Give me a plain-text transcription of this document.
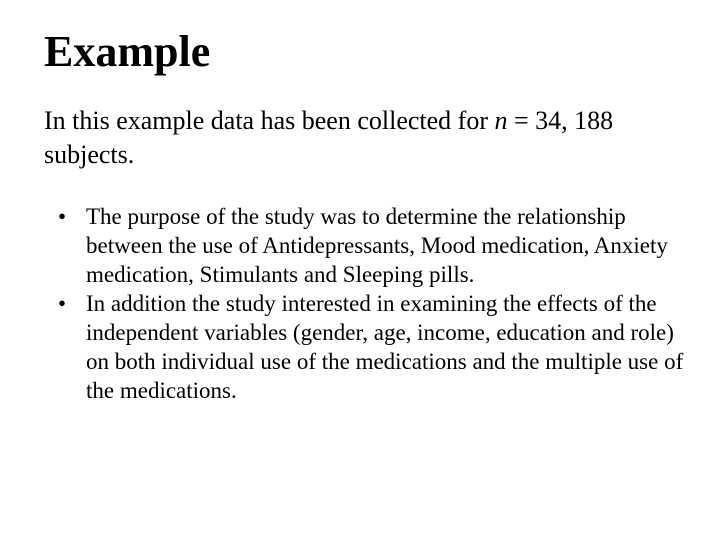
Example

In this example data has been collected for n = 34, 188 subjects.

• The purpose of the study was to determine the relationship between the use of Antidepressants, Mood medication, Anxiety medication, Stimulants and Sleeping pills.
• In addition the study interested in examining the effects of the independent variables (gender, age, income, education and role) on both individual use of the medications and the multiple use of the medications.
